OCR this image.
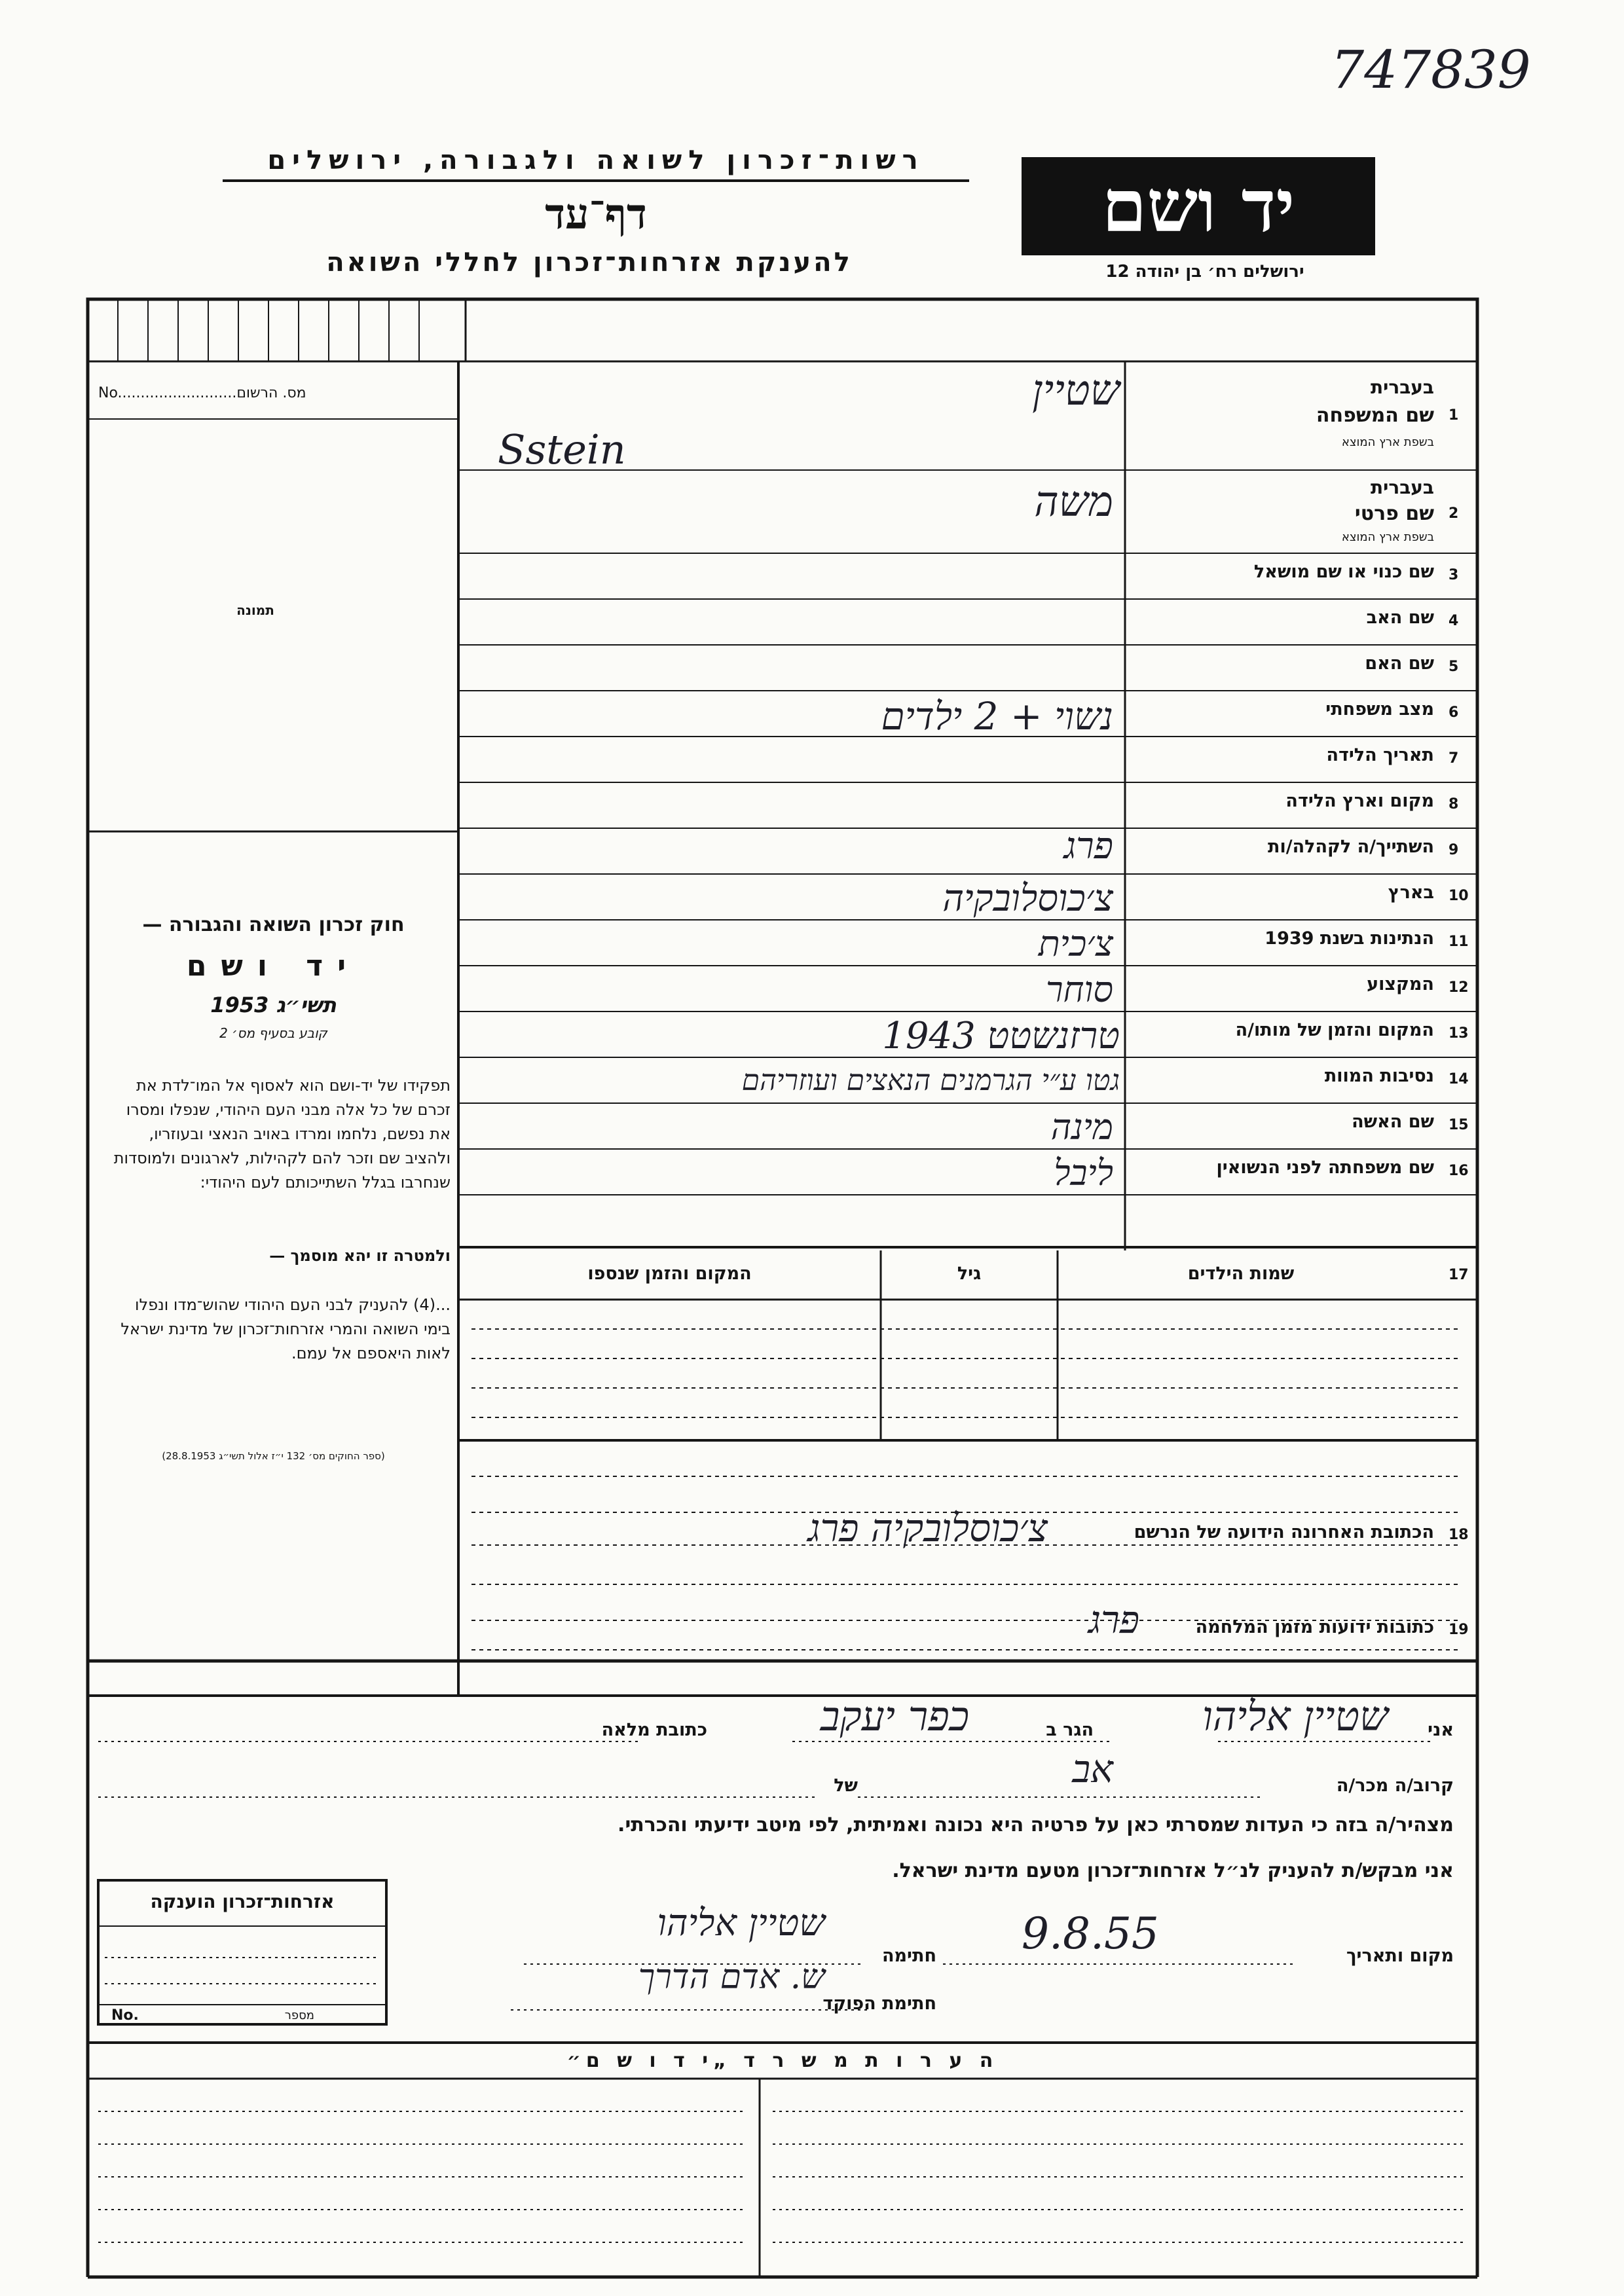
747839
רשות־זכרון לשואה ולגבורה, ירושלים
דף־עד
להענקת אזרחות־זכרון לחללי השואה
יד ושם
ירושלים רח׳ בן יהודה 12
No..........................מס. הרשום
תמונה
חוק זכרון השואה והגבורה —
יד ושם
תשי״ג 1953
קובע בסעיף מס׳ 2
תפקידו של יד-ושם הוא לאסוף אל המו־לדת את זכרם של כל אלה מבני העם היהודי, שנפלו ומסרו את נפשם, נלחמו ומרדו באויב הנאצי ובעוזריו, ולהציב שם וזכר להם לקהילות, לארגונים ולמוסדות שנחרבו בגלל השתייכותם לעם היהודי:
ולמטרה זו יהא מוסמך —
...(4) להעניק לבני העם היהודי שהוש־מדו ונפלו בימי השואה והמרי אזרחות־זכרון של מדינת ישראל לאות היאספם אל עמם.
(ספר החוקים מס׳ 132 י״ז אלול תשי״ג 28.8.1953)
1
בעברית
שם המשפחה
בשפת ארץ המוצא
2
בעברית
שם פרטי
בשפת ארץ המוצא
3
שם כנוי או שם מושאל
4
שם האב
5
שם האם
6
מצב משפחתי
7
תאריך הלידה
8
מקום וארץ הלידה
9
השתייך/ה לקהלה/ות
10
בארץ
11
הנתינות בשנת 1939
12
המקצוע
13
המקום והזמן של מותו/ה
14
נסיבות המוות
15
שם האשה
16
שם משפחתה לפני הנשואין
שטיין
Sstein
משה
נשוי + 2 ילדים
פרג
צ׳כוסלובקיה
צ׳כית
סוחר
טרזנשטט 1943
גטו ע״י הגרמנים הנאצים ועוזריהם
מינה
ליבל
17
שמות הילדים
גיל
המקום והזמן שנספו
18
הכתובת האחרונה הידועה של הנרשם
צ׳כוסלובקיה פרג
19
כתובות ידועות מזמן המלחמה
פרג
אני
שטיין אליהו
הגר ב
כפר יעקב
כתובת מלאה
קרוב/ה מכר/ה
אב
של
מצהיר/ה בזה כי העדות שמסרתי כאן על פרטיה היא נכונה ואמיתית, לפי מיטב ידיעתי והכרתי.
אני מבקש/ת להעניק לנ״ל אזרחות־זכרון מטעם מדינת ישראל.
מקום ותאריך
9.8.55
חתימה
שטיין אליהו
חתימת הפוקד
ש. אדם הדרך
אזרחות־זכרון הוענקה
No.	מספר
ה ע ר ו ת מ ש ר ד „י ד ו ש ם״
